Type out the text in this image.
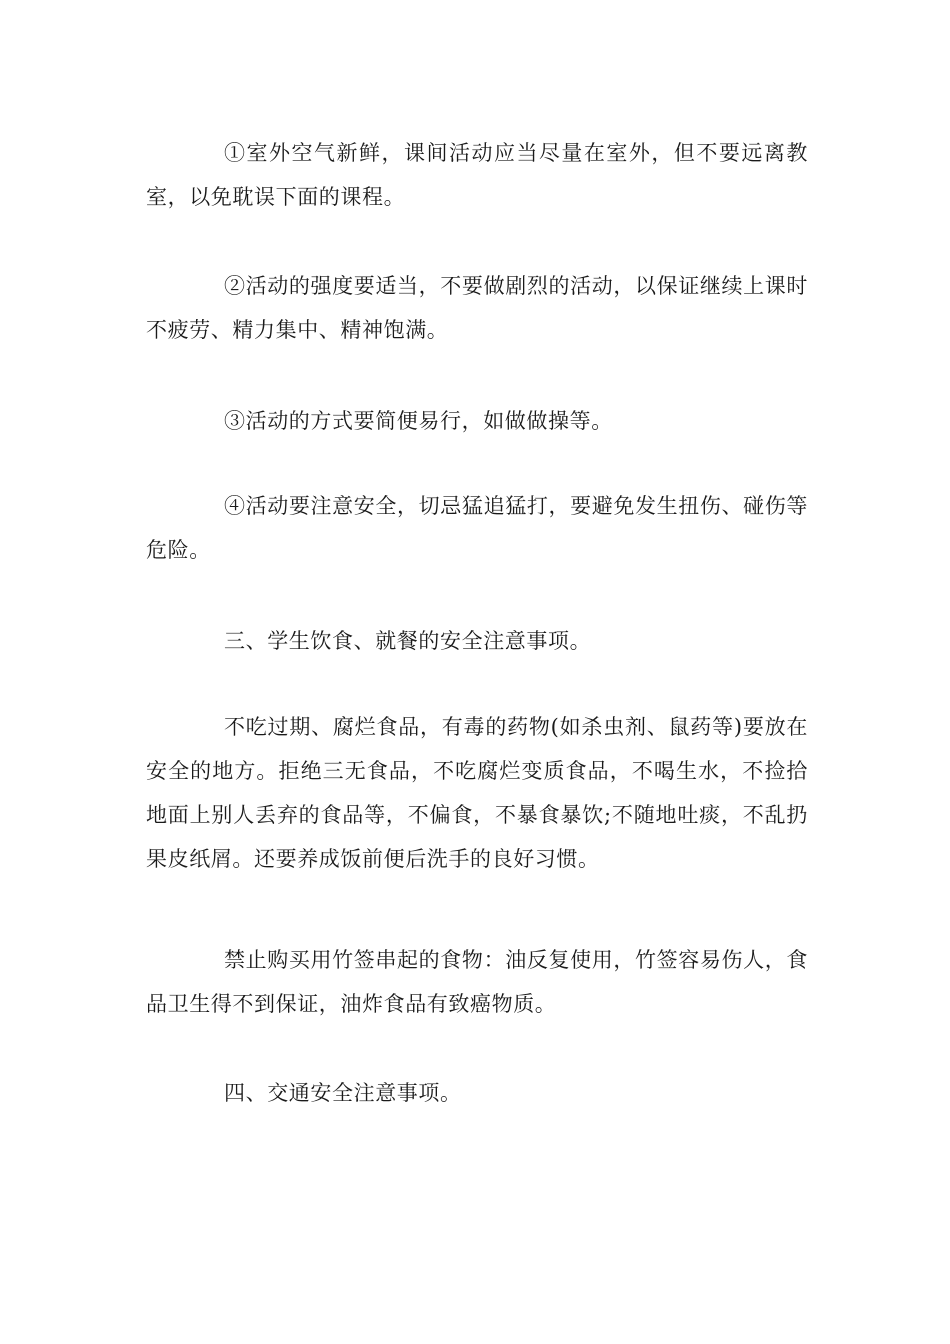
①室外空气新鲜，课间活动应当尽量在室外，但不要远离教室，以免耽误下面的课程。

②活动的强度要适当，不要做剧烈的活动，以保证继续上课时不疲劳、精力集中、精神饱满。

③活动的方式要简便易行，如做做操等。

④活动要注意安全，切忌猛追猛打，要避免发生扭伤、碰伤等危险。

三、学生饮食、就餐的安全注意事项。

不吃过期、腐烂食品，有毒的药物(如杀虫剂、鼠药等)要放在安全的地方。拒绝三无食品，不吃腐烂变质食品，不喝生水，不捡拾地面上别人丢弃的食品等，不偏食，不暴食暴饮;不随地吐痰，不乱扔果皮纸屑。还要养成饭前便后洗手的良好习惯。

禁止购买用竹签串起的食物：油反复使用，竹签容易伤人，食品卫生得不到保证，油炸食品有致癌物质。

四、交通安全注意事项。
